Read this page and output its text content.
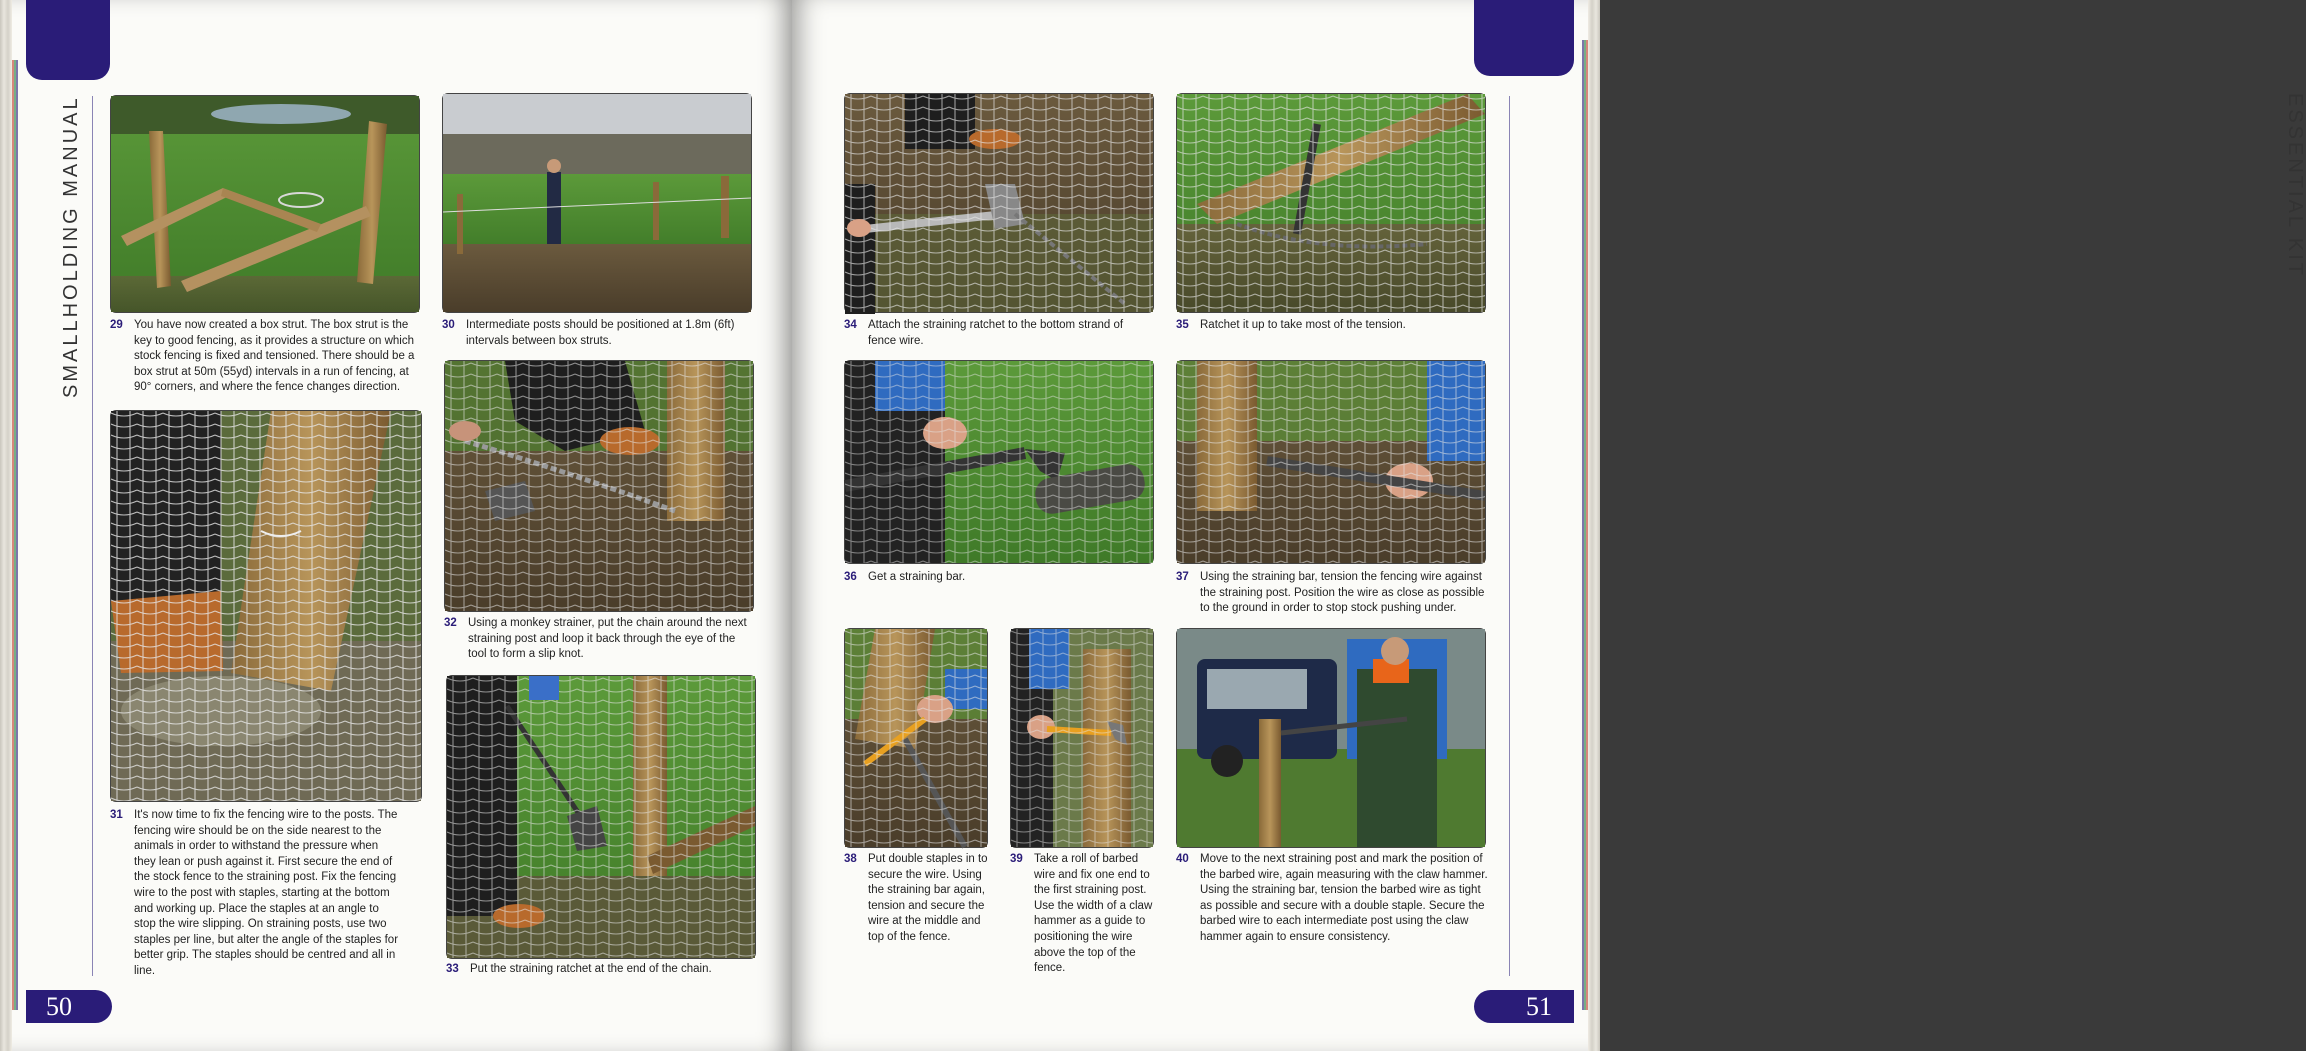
SMALLHOLDING MANUAL
50
29 You have now created a box strut. The box strut is the key to good fencing, as it provides a structure on which stock fencing is fixed and tensioned. There should be a box strut at 50m (55yd) intervals in a run of fencing, at 90° corners, and where the fence changes direction.
30 Intermediate posts should be positioned at 1.8m (6ft) intervals between box struts.
31 It's now time to fix the fencing wire to the posts. The fencing wire should be on the side nearest to the animals in order to withstand the pressure when they lean or push against it. First secure the end of the stock fence to the straining post. Fix the fencing wire to the post with staples, starting at the bottom and working up. Place the staples at an angle to stop the wire slipping. On straining posts, use two staples per line, but alter the angle of the staples for better grip. The staples should be centred and all in line.
32 Using a monkey strainer, put the chain around the next straining post and loop it back through the eye of the tool to form a slip knot.
33 Put the straining ratchet at the end of the chain.
ESSENTIAL KIT
51
34 Attach the straining ratchet to the bottom strand of fence wire.
35 Ratchet it up to take most of the tension.
36 Get a straining bar.	37 Using the straining bar, tension the fencing wire against the straining post. Position the wire as close as possible to the ground in order to stop stock pushing under.
38 Put double staples in to secure the wire. Using the straining bar again, tension and secure the wire at the middle and top of the fence.
39 Take a roll of barbed wire and fix one end to the first straining post. Use the width of a claw hammer as a guide to positioning the wire above the top of the fence.
40 Move to the next straining post and mark the position of the barbed wire, again measuring with the claw hammer. Using the straining bar, tension the barbed wire as tight as possible and secure with a double staple. Secure the barbed wire to each intermediate post using the claw hammer again to ensure consistency.
